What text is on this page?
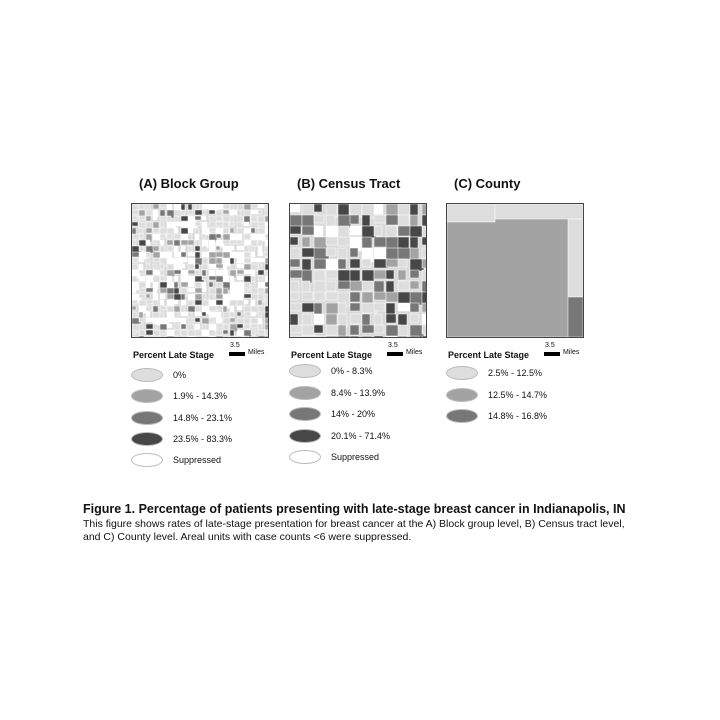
(A) Block Group
Percent Late Stage
3.5
Miles
0%
1.9% - 14.3%
14.8% - 23.1%
23.5% - 83.3%
Suppressed
(B) Census Tract
Percent Late Stage
3.5
Miles
0% - 8.3%
8.4% - 13.9%
14% - 20%
20.1% - 71.4%
Suppressed
(C) County
Percent Late Stage
3.5
Miles
2.5% - 12.5%
12.5% - 14.7%
14.8% - 16.8%

Figure 1. Percentage of patients presenting with late-stage breast cancer in Indianapolis, IN

This figure shows rates of late-stage presentation for breast cancer at the A) Block group level, B) Census tract level, and C) County level. Areal units with case counts <6 were suppressed.
